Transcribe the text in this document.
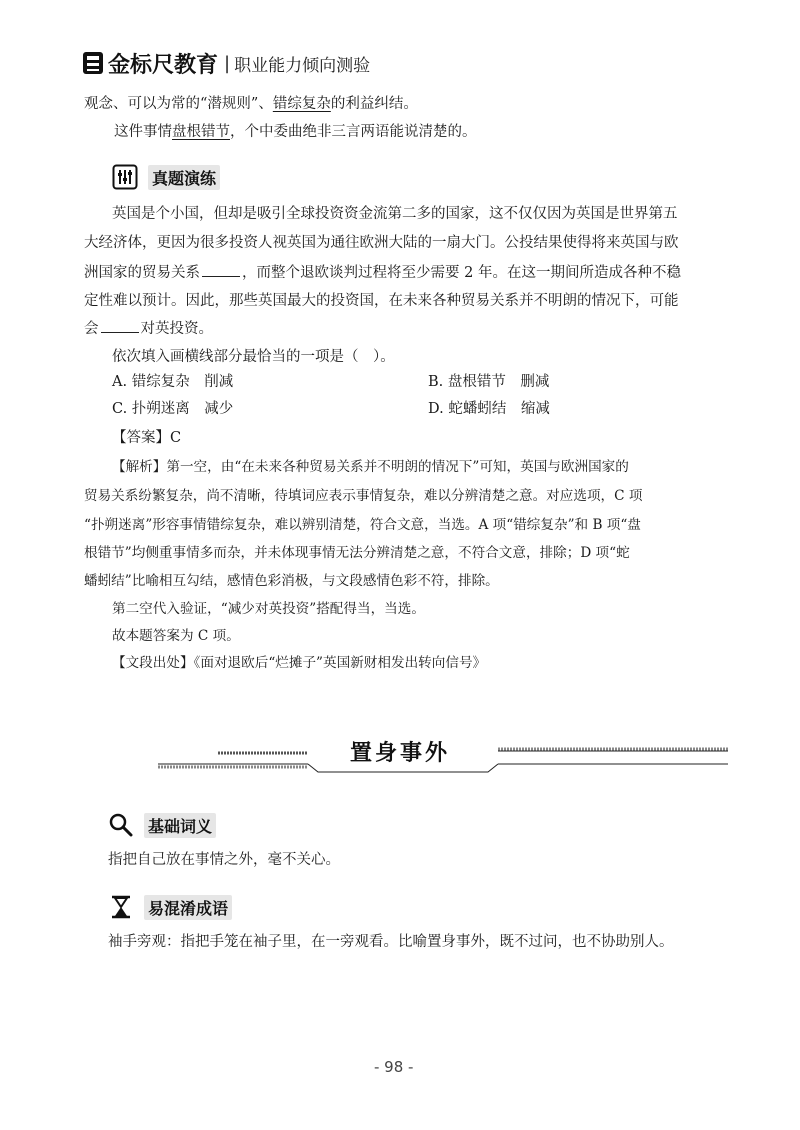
金标尺教育 | 职业能力倾向测验
观念、可以为常的“潜规则”、错综复杂的利益纠结。
这件事情盘根错节，个中委曲绝非三言两语能说清楚的。
真题演练
英国是个小国，但却是吸引全球投资资金流第二多的国家，这不仅仅因为英国是世界第五
大经济体，更因为很多投资人视英国为通往欧洲大陆的一扇大门。公投结果使得将来英国与欧
洲国家的贸易关系	，而整个退欧谈判过程将至少需要 2 年。在这一期间所造成各种不稳
定性难以预计。因此，那些英国最大的投资国，在未来各种贸易关系并不明朗的情况下，可能
会	对英投资。
依次填入画横线部分最恰当的一项是（　）。
A. 错综复杂　削减	B. 盘根错节　删减
C. 扑朔迷离　减少	D. 蛇蟠蚓结　缩减
【答案】C
【解析】第一空，由“在未来各种贸易关系并不明朗的情况下”可知，英国与欧洲国家的
贸易关系纷繁复杂，尚不清晰，待填词应表示事情复杂，难以分辨清楚之意。对应选项，C 项
“扑朔迷离”形容事情错综复杂，难以辨别清楚，符合文意，当选。A 项“错综复杂”和 B 项“盘
根错节”均侧重事情多而杂，并未体现事情无法分辨清楚之意，不符合文意，排除；D 项“蛇
蟠蚓结”比喻相互勾结，感情色彩消极，与文段感情色彩不符，排除。
第二空代入验证，“减少对英投资”搭配得当，当选。
故本题答案为 C 项。
【文段出处】《面对退欧后“烂摊子”英国新财相发出转向信号》
置身事外
基础词义
指把自己放在事情之外，毫不关心。
易混淆成语
袖手旁观：指把手笼在袖子里，在一旁观看。比喻置身事外，既不过问，也不协助别人。
- 98 -
